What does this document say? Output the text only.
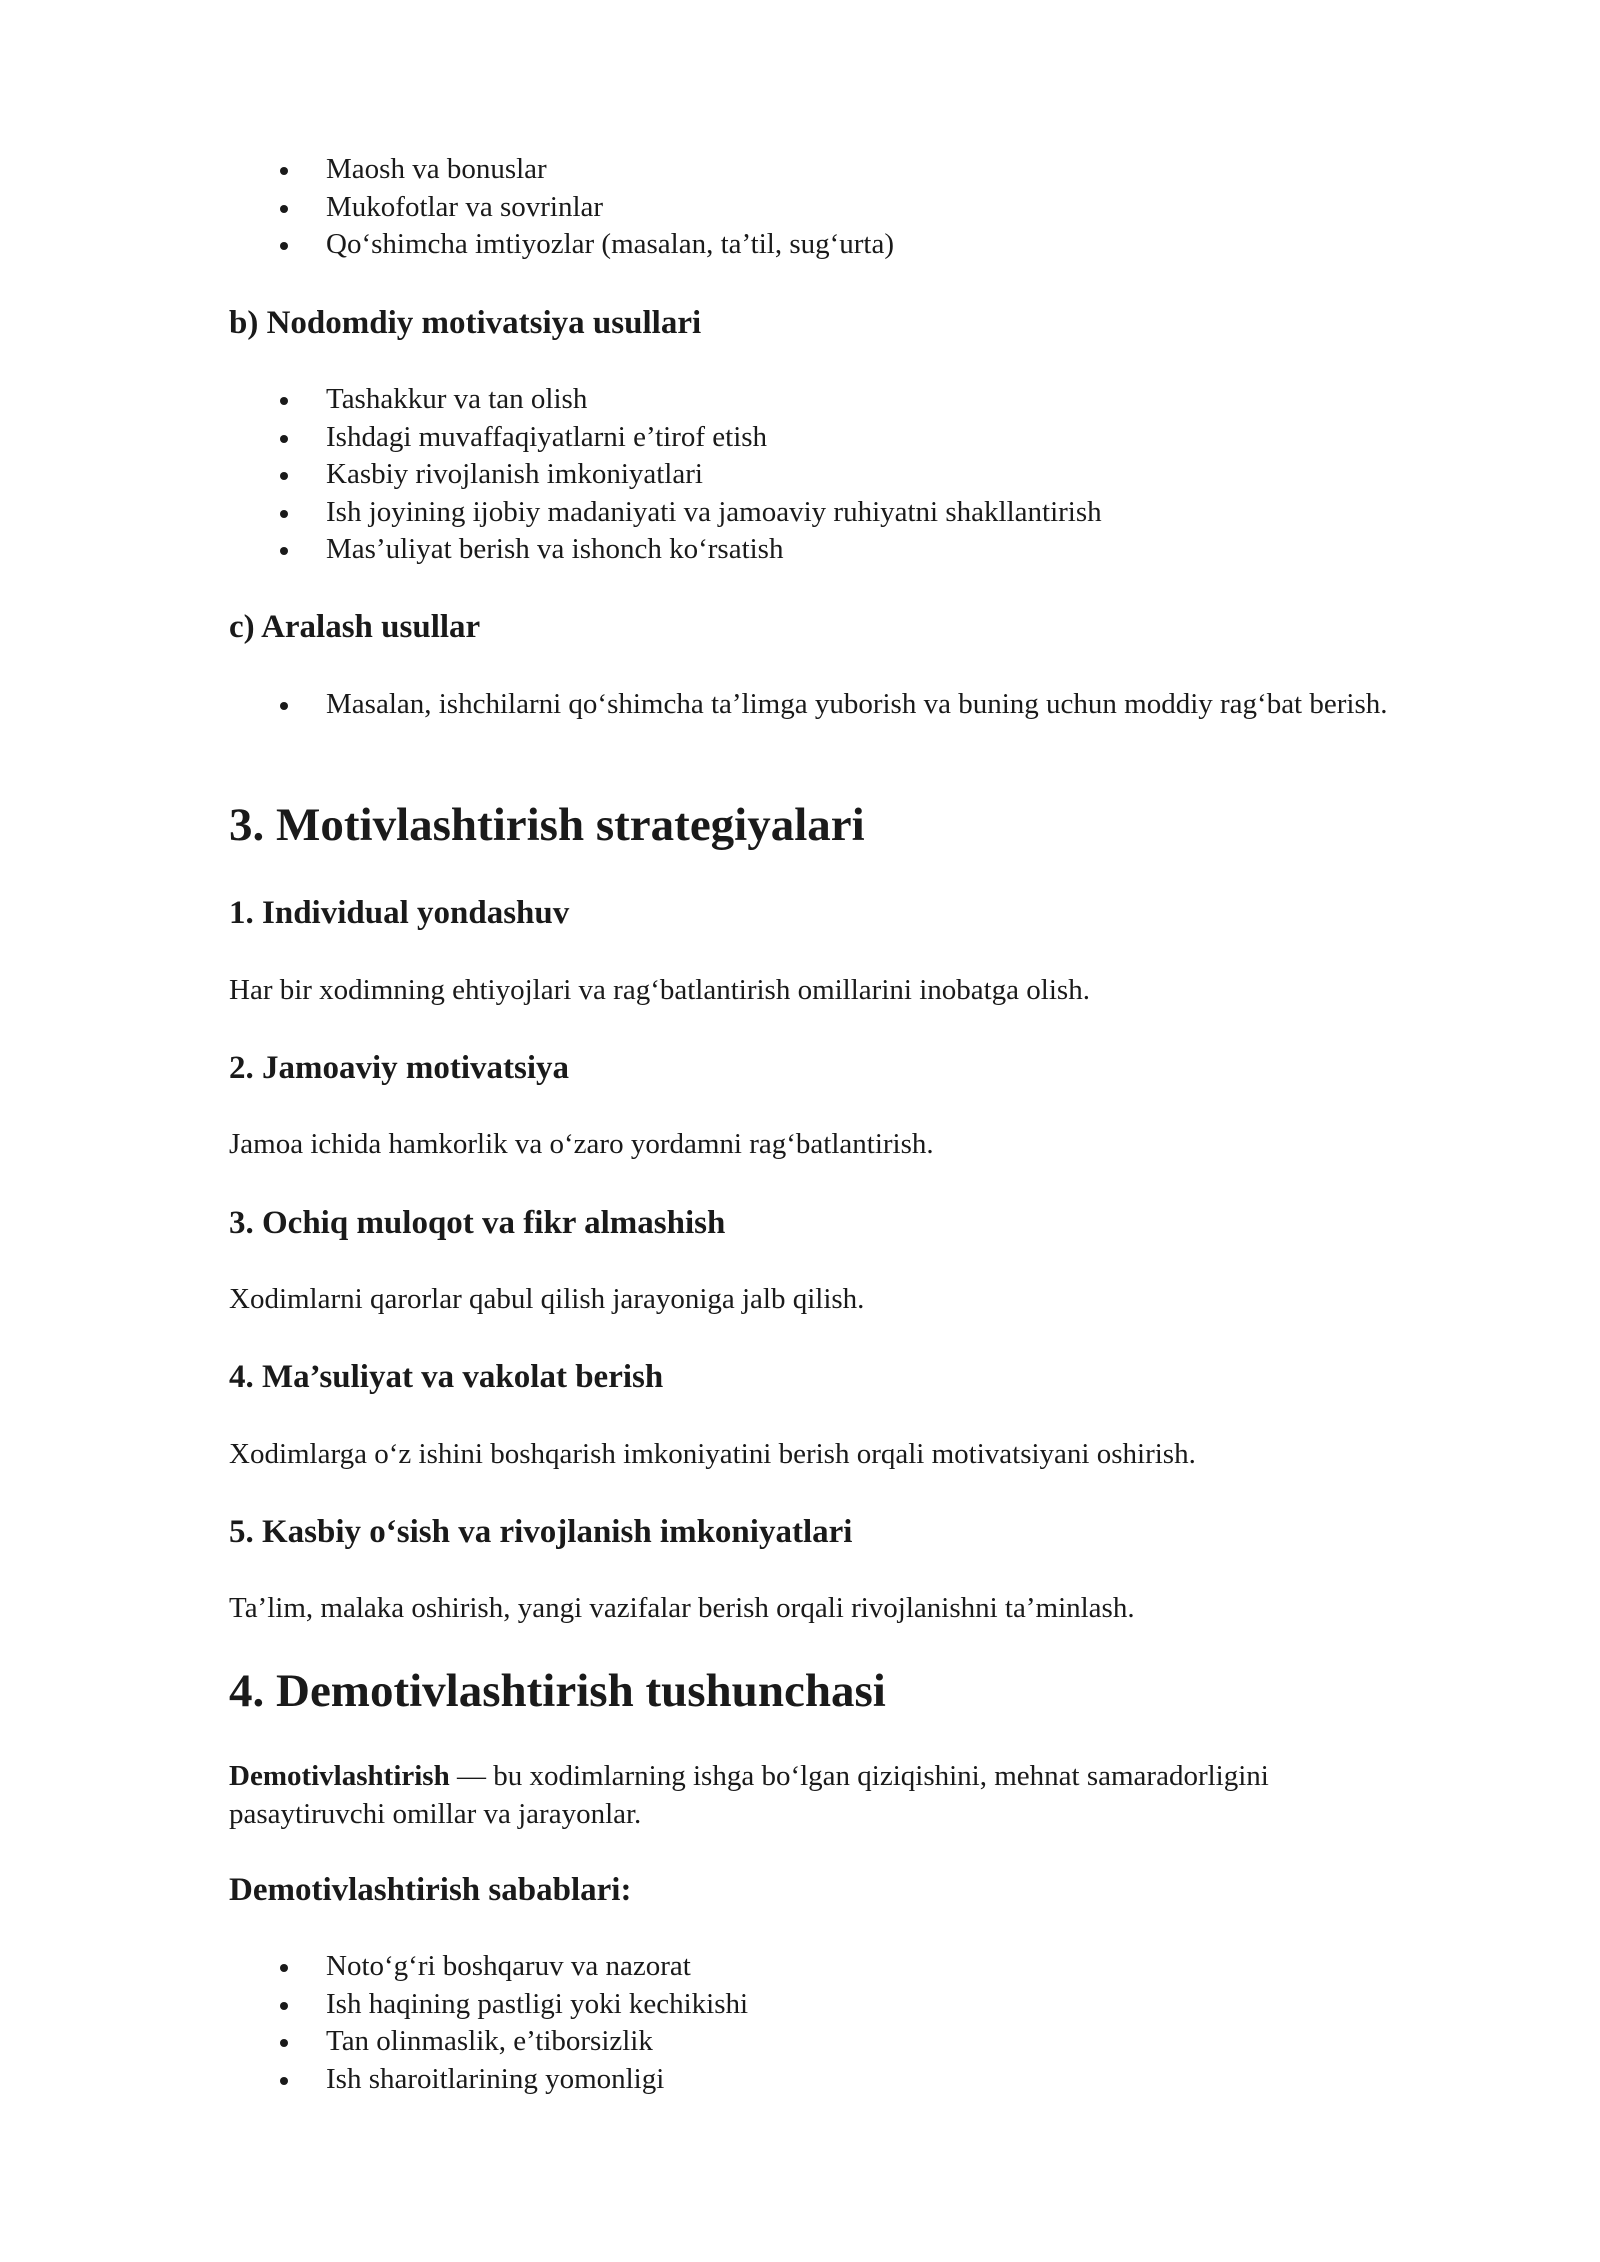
Maosh va bonuslar
Mukofotlar va sovrinlar
Qo‘shimcha imtiyozlar (masalan, ta’til, sug‘urta)
b) Nodomdiy motivatsiya usullari
Tashakkur va tan olish
Ishdagi muvaffaqiyatlarni e’tirof etish
Kasbiy rivojlanish imkoniyatlari
Ish joyining ijobiy madaniyati va jamoaviy ruhiyatni shakllantirish
Mas’uliyat berish va ishonch ko‘rsatish
c) Aralash usullar
Masalan, ishchilarni qo‘shimcha ta’limga yuborish va buning uchun moddiy rag‘bat berish.
3. Motivlashtirish strategiyalari
1. Individual yondashuv

Har bir xodimning ehtiyojlari va rag‘batlantirish omillarini inobatga olish.

2. Jamoaviy motivatsiya

Jamoa ichida hamkorlik va o‘zaro yordamni rag‘batlantirish.

3. Ochiq muloqot va fikr almashish

Xodimlarni qarorlar qabul qilish jarayoniga jalb qilish.

4. Ma’suliyat va vakolat berish

Xodimlarga o‘z ishini boshqarish imkoniyatini berish orqali motivatsiyani oshirish.

5. Kasbiy o‘sish va rivojlanish imkoniyatlari

Ta’lim, malaka oshirish, yangi vazifalar berish orqali rivojlanishni ta’minlash.

4. Demotivlashtirish tushunchasi

Demotivlashtirish — bu xodimlarning ishga bo‘lgan qiziqishini, mehnat samaradorligini pasaytiruvchi omillar va jarayonlar.

Demotivlashtirish sabablari:
Noto‘g‘ri boshqaruv va nazorat
Ish haqining pastligi yoki kechikishi
Tan olinmaslik, e’tiborsizlik
Ish sharoitlarining yomonligi
